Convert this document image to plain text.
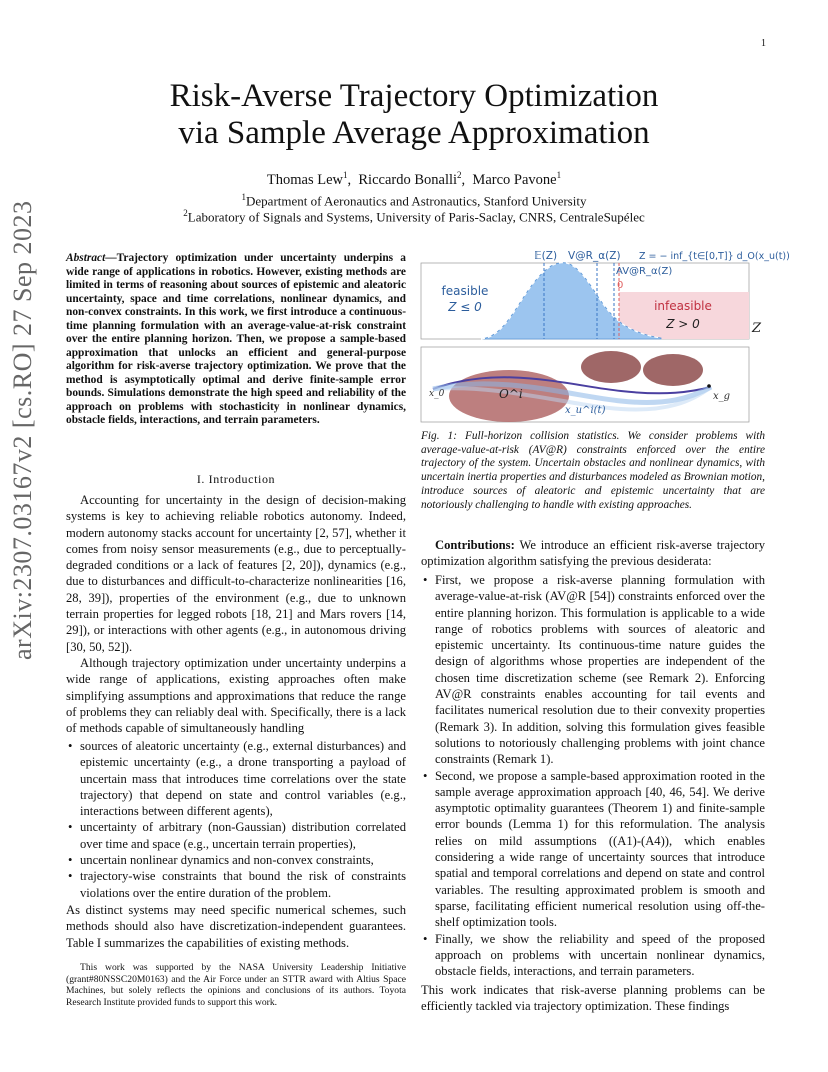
1
arXiv:2307.03167v2 [cs.RO] 27 Sep 2023
Risk-Averse Trajectory Optimization
via Sample Average Approximation
Thomas Lew$^1$,  Riccardo Bonalli$^2$,  Marco Pavone$^1$
$^1$Department of Aeronautics and Astronautics, Stanford University
$^2$Laboratory of Signals and Systems, University of Paris-Saclay, CNRS, CentraleSupélec
Abstract—Trajectory optimization under uncertainty underpins a wide range of applications in robotics. However, existing methods are limited in terms of reasoning about sources of epistemic and aleatoric uncertainty, space and time correlations, nonlinear dynamics, and non-convex constraints. In this work, we first introduce a continuous-time planning formulation with an average-value-at-risk constraint over the entire planning horizon. Then, we propose a sample-based approximation that unlocks an efficient and general-purpose algorithm for risk-averse trajectory optimization. We prove that the method is asymptotically optimal and derive finite-sample error bounds. Simulations demonstrate the high speed and reliability of the approach on problems with stochasticity in nonlinear dynamics, obstacle fields, interactions, and terrain parameters.
I. Introduction

Accounting for uncertainty in the design of decision-making systems is key to achieving reliable robotics autonomy. Indeed, modern autonomy stacks account for uncertainty [2, 57], whether it comes from noisy sensor measurements (e.g., due to perceptually-degraded conditions or a lack of features [2, 20]), dynamics (e.g., due to disturbances and difficult-to-characterize nonlinearities [16, 28, 39]), properties of the environment (e.g., due to unknown terrain properties for legged robots [18, 21] and Mars rovers [14, 29]), or interactions with other agents (e.g., in autonomous driving [30, 50, 52]).

Although trajectory optimization under uncertainty underpins a wide range of applications, existing approaches often make simplifying assumptions and approximations that reduce the range of problems they can reliably deal with. Specifically, there is a lack of methods capable of simultaneously handling

• sources of aleatoric uncertainty (e.g., external disturbances) and epistemic uncertainty (e.g., a drone transporting a payload of uncertain mass that introduces time correlations over the state trajectory) that depend on state and control variables (e.g., interactions between different agents),
• uncertainty of arbitrary (non-Gaussian) distribution correlated over time and space (e.g., uncertain terrain properties),
• uncertain nonlinear dynamics and non-convex constraints,
• trajectory-wise constraints that bound the risk of constraints violations over the entire duration of the problem.
As distinct systems may need specific numerical schemes, such methods should also have discretization-independent guarantees. Table I summarizes the capabilities of existing methods.

This work was supported by the NASA University Leadership Initiative (grant#80NSSC20M0163) and the Air Force under an STTR award with Altius Space Machines, but solely reflects the opinions and conclusions of its authors. Toyota Research Institute provided funds to support this work.

𝔼(Z) V@R_α(Z) Z = − inf_{t∈[0,T]} d_O(x_u(t))
AV@R_α(Z)
0
feasible
Z ≤ 0	infeasible
Z > 0	Z
x_0	O^i	x_g
x_u^i(t)
Fig. 1: Full-horizon collision statistics. We consider problems with average-value-at-risk (AV@R) constraints enforced over the entire trajectory of the system. Uncertain obstacles and nonlinear dynamics, with uncertain inertia properties and disturbances modeled as Brownian motion, introduce sources of aleatoric and epistemic uncertainty that are notoriously challenging to handle with existing approaches.

Contributions: We introduce an efficient risk-averse trajectory optimization algorithm satisfying the previous desiderata:

• First, we propose a risk-averse planning formulation with average-value-at-risk (AV@R [54]) constraints enforced over the entire planning horizon. This formulation is applicable to a wide range of robotics problems with sources of aleatoric and epistemic uncertainty. Its continuous-time nature guides the design of algorithms whose properties are independent of the chosen time discretization scheme (see Remark 2). Enforcing AV@R constraints enables accounting for tail events and facilitates numerical resolution due to their convexity properties (Remark 3). In addition, solving this formulation gives feasible solutions to notoriously challenging problems with joint chance constraints (Remark 1).
• Second, we propose a sample-based approximation rooted in the sample average approximation approach [40, 46, 54]. We derive asymptotic optimality guarantees (Theorem 1) and finite-sample error bounds (Lemma 1) for this reformulation. The analysis relies on mild assumptions ((A1)-(A4)), which enables considering a wide range of uncertainty sources that introduce spatial and temporal correlations and depend on state and control variables. The resulting approximated problem is smooth and sparse, facilitating efficient numerical resolution using off-the-shelf optimization tools.
• Finally, we show the reliability and speed of the proposed approach on problems with uncertain nonlinear dynamics, obstacle fields, interactions, and terrain parameters.
This work indicates that risk-averse planning problems can be efficiently tackled via trajectory optimization. These findings
